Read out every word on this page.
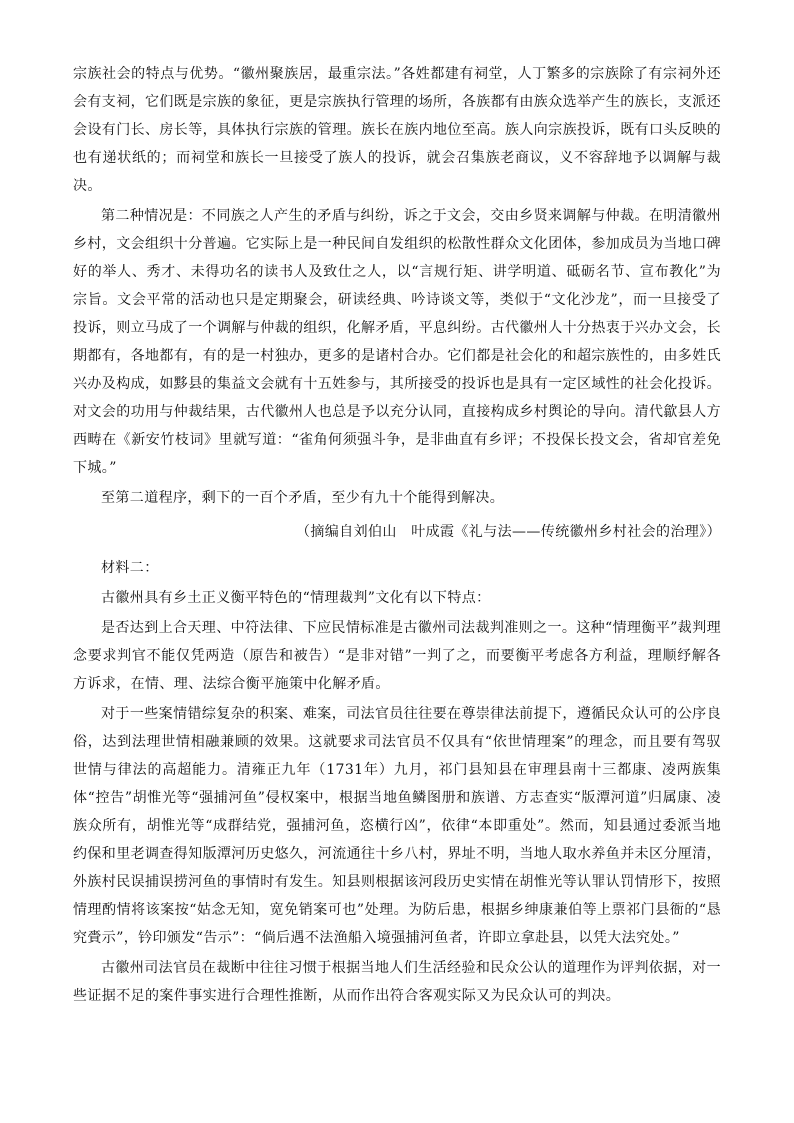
宗族社会的特点与优势。“徽州聚族居，最重宗法。”各姓都建有祠堂，人丁繁多的宗族除了有宗祠外还会有支祠，它们既是宗族的象征，更是宗族执行管理的场所，各族都有由族众选举产生的族长，支派还会设有门长、房长等，具体执行宗族的管理。族长在族内地位至高。族人向宗族投诉，既有口头反映的也有递状纸的；而祠堂和族长一旦接受了族人的投诉，就会召集族老商议，义不容辞地予以调解与裁决。

第二种情况是：不同族之人产生的矛盾与纠纷，诉之于文会，交由乡贤来调解与仲裁。在明清徽州乡村，文会组织十分普遍。它实际上是一种民间自发组织的松散性群众文化团体，参加成员为当地口碑好的举人、秀才、未得功名的读书人及致仕之人，以“言规行矩、讲学明道、砥砺名节、宣布教化”为宗旨。文会平常的活动也只是定期聚会，研读经典、吟诗谈文等，类似于“文化沙龙”，而一旦接受了投诉，则立马成了一个调解与仲裁的组织，化解矛盾，平息纠纷。古代徽州人十分热衷于兴办文会，长期都有，各地都有，有的是一村独办，更多的是诸村合办。它们都是社会化的和超宗族性的，由多姓氏兴办及构成，如黟县的集益文会就有十五姓参与，其所接受的投诉也是具有一定区域性的社会化投诉。对文会的功用与仲裁结果，古代徽州人也总是予以充分认同，直接构成乡村舆论的导向。清代歙县人方西畴在《新安竹枝词》里就写道：“雀角何须强斗争，是非曲直有乡评；不投保长投文会，省却官差免下城。”

至第二道程序，剩下的一百个矛盾，至少有九十个能得到解决。

（摘编自刘伯山　叶成霞《礼与法——传统徽州乡村社会的治理》）

材料二：

古徽州具有乡土正义衡平特色的“情理裁判”文化有以下特点：

是否达到上合天理、中符法律、下应民情标准是古徽州司法裁判准则之一。这种“情理衡平”裁判理念要求判官不能仅凭两造（原告和被告）“是非对错”一判了之，而要衡平考虑各方利益，理顺纾解各方诉求，在情、理、法综合衡平施策中化解矛盾。

对于一些案情错综复杂的积案、难案，司法官员往往要在尊崇律法前提下，遵循民众认可的公序良俗，达到法理世情相融兼顾的效果。这就要求司法官员不仅具有“依世情理案”的理念，而且要有驾驭世情与律法的高超能力。清雍正九年（1731年）九月，祁门县知县在审理县南十三都康、凌两族集体“控告”胡惟光等“强捕河鱼”侵权案中，根据当地鱼鳞图册和族谱、方志查实“版潭河道”归属康、凌族众所有，胡惟光等“成群结党，强捕河鱼，恣横行凶”，依律“本即重处”。然而，知县通过委派当地约保和里老调查得知版潭河历史悠久，河流通往十乡八村，界址不明，当地人取水养鱼并未区分厘清，外族村民误捕误捞河鱼的事情时有发生。知县则根据该河段历史实情在胡惟光等认罪认罚情形下，按照情理酌情将该案按“姑念无知，宽免销案可也”处理。为防后患，根据乡绅康兼伯等上票祁门县衙的“恳究賫示”，钤印颁发“告示”：“倘后遇不法渔船入境强捕河鱼者，许即立拿赴县，以凭大法究处。”

古徽州司法官员在裁断中往往习惯于根据当地人们生活经验和民众公认的道理作为评判依据，对一些证据不足的案件事实进行合理性推断，从而作出符合客观实际又为民众认可的判决。
